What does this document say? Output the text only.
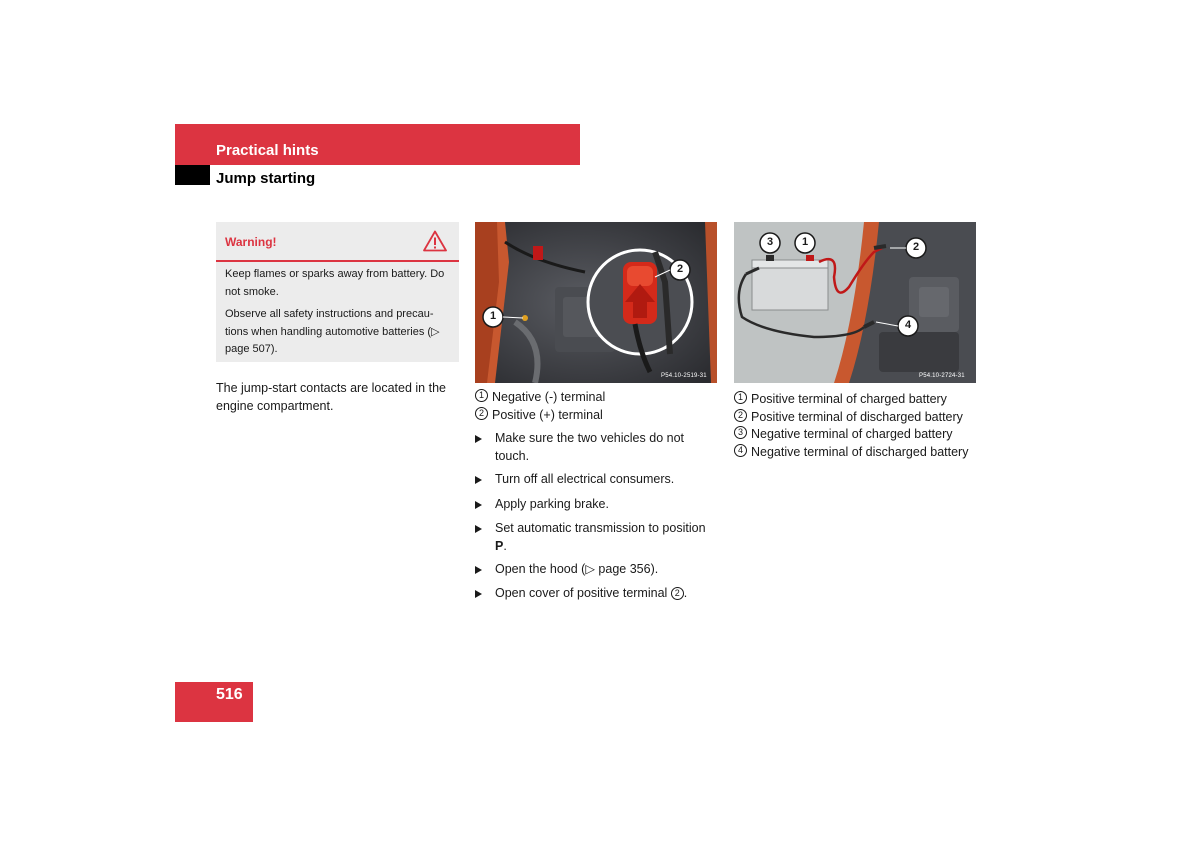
Practical hints
Jump starting
Warning!
Keep flames or sparks away from battery. Do not smoke.
Observe all safety instructions and precau-tions when handling automotive batteries (▷ page 507).
The jump-start contacts are located in the engine compartment.
1
2
P54.10-2519-31
1 Negative (-) terminal
2 Positive (+) terminal
Make sure the two vehicles do not touch.
Turn off all electrical consumers.
Apply parking brake.
Set automatic transmission to position P.
Open the hood (▷ page 356).
Open cover of positive terminal 2 .
3	1	2
4
P54.10-2724-31
1 Positive terminal of charged battery
2 Positive terminal of discharged battery
3 Negative terminal of charged battery
4 Negative terminal of discharged battery
516
